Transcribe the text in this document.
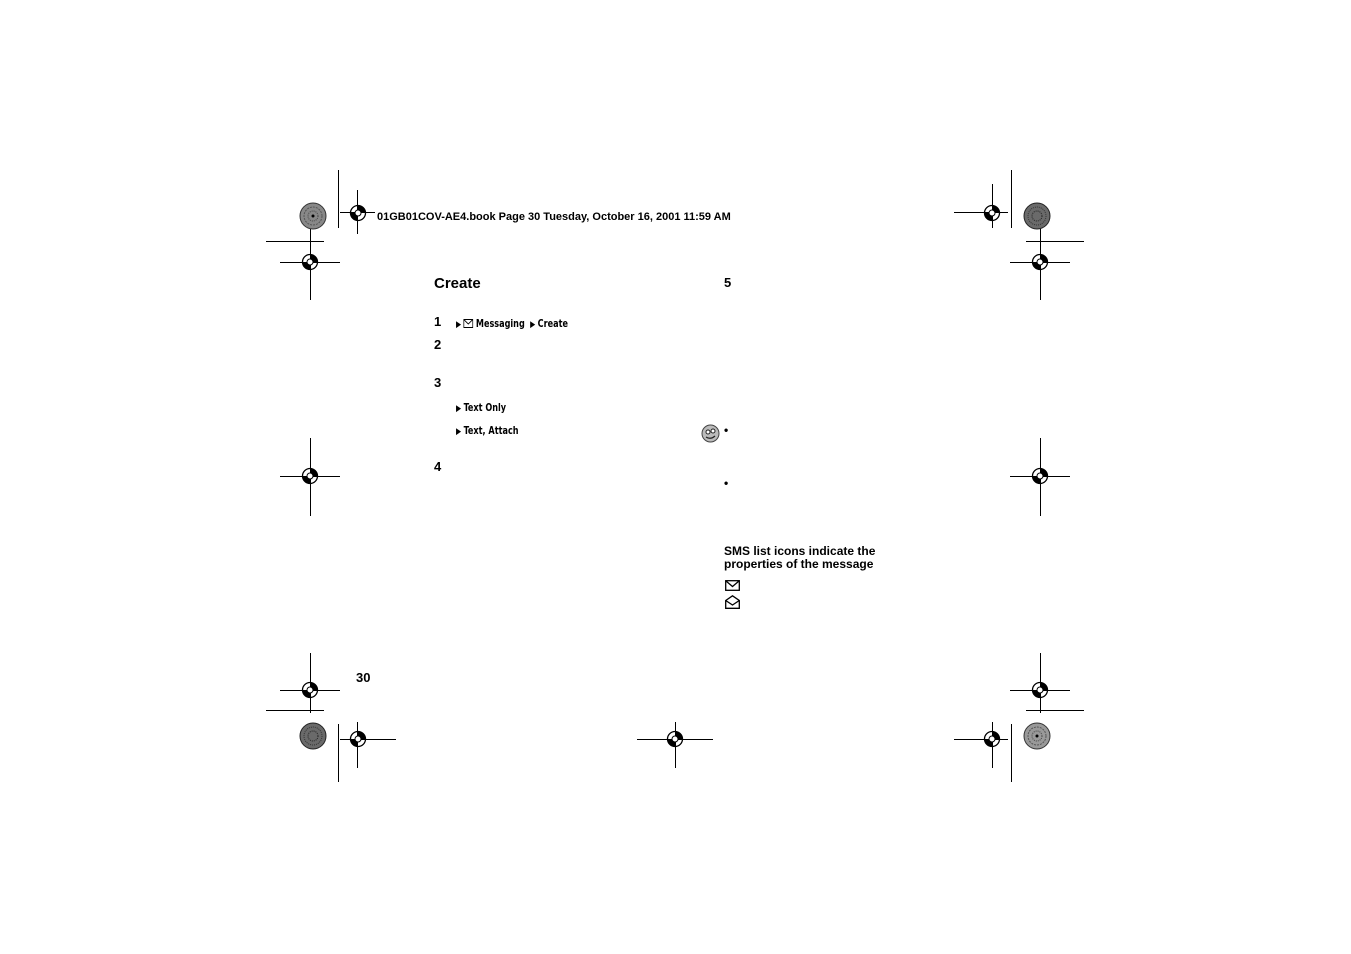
01GB01COV-AE4.book Page 30 Tuesday, October 16, 2001 11:59 AM
Create
1 ▶ Messaging ▶ Create
2
3
▶ Text Only
▶ Text, Attach
4
5
•
•
SMS list icons indicate the
properties of the message
30
